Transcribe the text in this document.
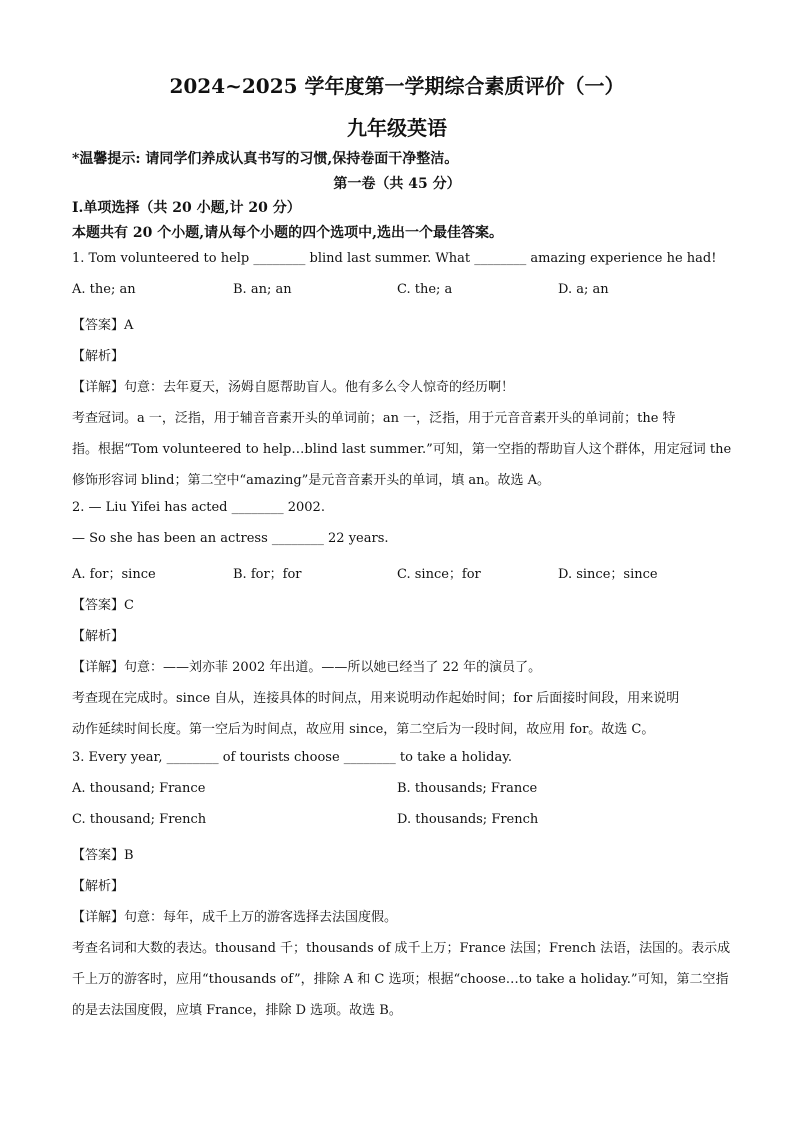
2024~2025 学年度第一学期综合素质评价（一）
九年级英语
*温馨提示: 请同学们养成认真书写的习惯,保持卷面干净整洁。
第一卷（共 45 分）
I.单项选择（共 20 小题,计 20 分）
本题共有 20 个小题,请从每个小题的四个选项中,选出一个最佳答案。
1. Tom volunteered to help ________ blind last summer. What ________ amazing experience he had!
A. the; an	B. an; an	C. the; a	D. a; an
【答案】A
【解析】
【详解】句意：去年夏天，汤姆自愿帮助盲人。他有多么令人惊奇的经历啊！
考查冠词。a 一，泛指，用于辅音音素开头的单词前；an 一，泛指，用于元音音素开头的单词前；the 特
指。根据“Tom volunteered to help…blind last summer.”可知，第一空指的帮助盲人这个群体，用定冠词 the
修饰形容词 blind；第二空中“amazing”是元音音素开头的单词，填 an。故选 A。
2. — Liu Yifei has acted ________ 2002.
— So she has been an actress ________ 22 years.
A. for；since	B. for；for	C. since；for	D. since；since
【答案】C
【解析】
【详解】句意：——刘亦菲 2002 年出道。——所以她已经当了 22 年的演员了。
考查现在完成时。since 自从，连接具体的时间点，用来说明动作起始时间；for 后面接时间段，用来说明
动作延续时间长度。第一空后为时间点，故应用 since，第二空后为一段时间，故应用 for。故选 C。
3. Every year, ________ of tourists choose ________ to take a holiday.
A. thousand; France	B. thousands; France
C. thousand; French	D. thousands; French
【答案】B
【解析】
【详解】句意：每年，成千上万的游客选择去法国度假。
考查名词和大数的表达。thousand 千；thousands of 成千上万；France 法国；French 法语，法国的。表示成
千上万的游客时，应用“thousands of”，排除 A 和 C 选项；根据“choose…to take a holiday.”可知，第二空指
的是去法国度假，应填 France，排除 D 选项。故选 B。
